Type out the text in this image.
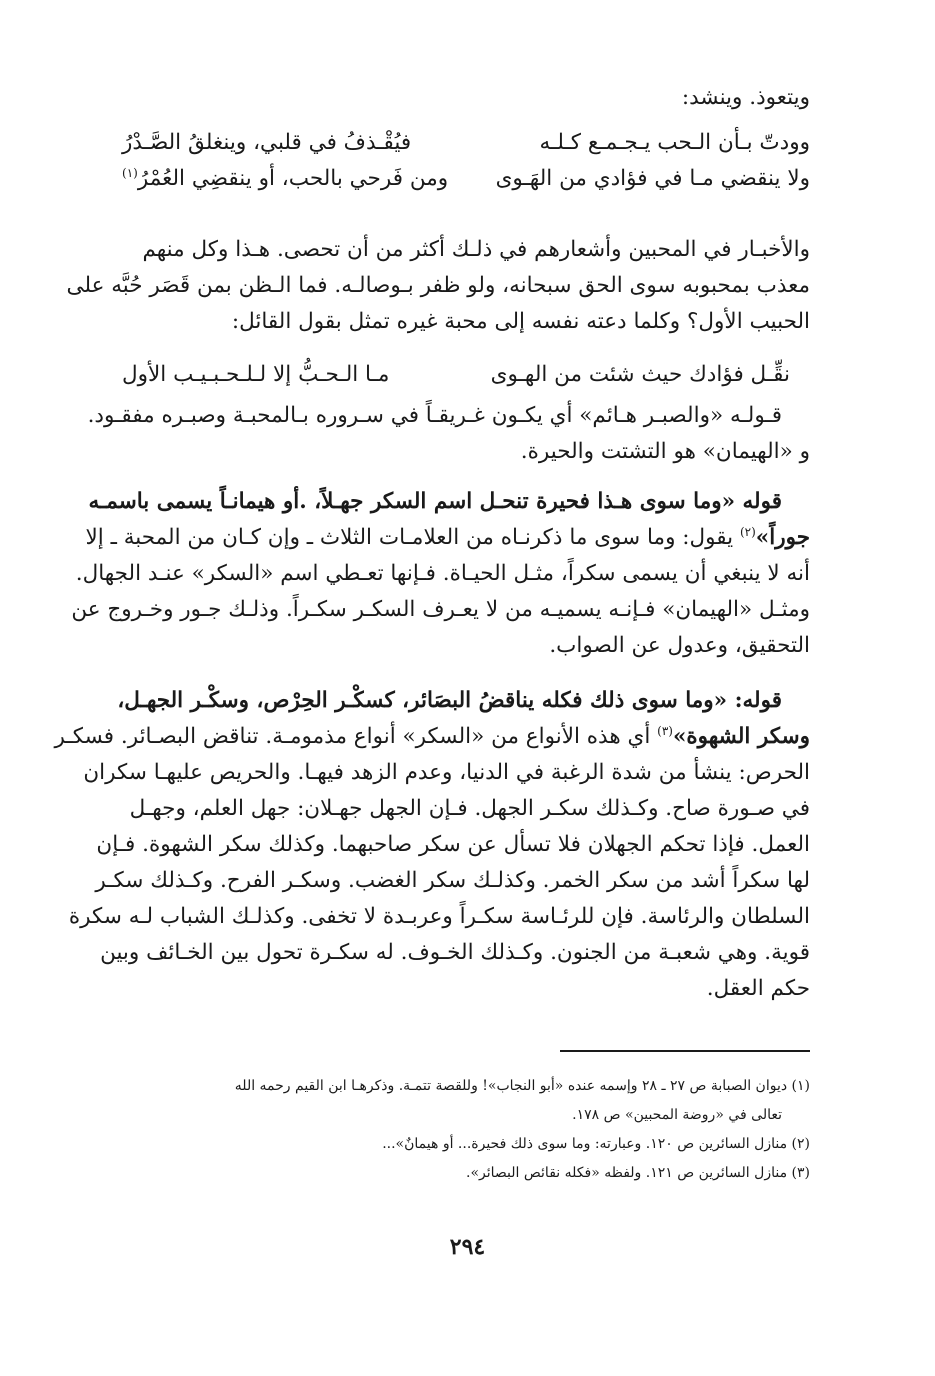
ويتعوذ. وينشد:
وودتّ بـأن الـحب يـجـمـع كـلـه
فيُقْـذفُ في قلبي، وينغلقُ الصَّـدْرُ
ولا ينقضي مـا في فؤادي من الهَـوى
ومن فَرحي بالحب، أو ينقضِي العُمْرُ$^{(١)}$
والأخبـار في المحبين وأشعارهم في ذلـك أكثر من أن تحصى. هـذا وكل منهم
معذب بمحبوبه سوى الحق سبحانه، ولو ظفر بـوصالـه. فما الـظن بمن قَصَر حُبَّه على
الحبيب الأول؟ وكلما دعته نفسه إلى محبة غيره تمثل بقول القائل:
نقِّـل فؤادك حيث شئت من الهـوى
مـا الـحـبُّ إلا لـلـحـبـيـب الأول
قـولـه «والصبـر هـائم» أي يكـون غـريقـاً في سـروره بـالمحبـة وصبـره مفقـود.
و «الهيمان» هو التشتت والحيرة.
قوله «وما سوى هـذا فحيرة تنحـل اسم السكر جهـلاً، .أو هيمانـاً يسمى باسمـه
جوراً»$^{(٢)}$ يقول: وما سوى ما ذكرنـاه من العلامـات الثلاث ـ وإن كـان من المحبة ـ إلا
أنه لا ينبغي أن يسمى سكراً، مثـل الحيـاة. فـإنها تعـطي اسم «السكر» عنـد الجهال.
ومثـل «الهيمان» فـإنـه يسميـه من لا يعـرف السكـر سكـراً. وذلـك جـور وخـروج عن
التحقيق، وعدول عن الصواب.
قوله: «وما سوى ذلك فكله يناقضُ البصَائر، كسكْـر الحِرْص، وسكْـر الجهـل،
وسكر الشهوة»$^{(٣)}$ أي هذه الأنواع من «السكر» أنواع مذمومـة. تناقض البصـائر. فسكـر
الحرص: ينشأ من شدة الرغبة في الدنيا، وعدم الزهد فيهـا. والحريص عليهـا سكران
في صـورة صاح. وكـذلك سكـر الجهل. فـإن الجهل جهـلان: جهل العلم، وجهـل
العمل. فإذا تحكم الجهلان فلا تسأل عن سكر صاحبهما. وكذلك سكر الشهوة. فـإن
لها سكراً أشد من سكر الخمر. وكذلـك سكر الغضب. وسكـر الفرح. وكـذلك سكـر
السلطان والرئاسة. فإن للرئـاسة سكـراً وعربـدة لا تخفى. وكذلـك الشباب لـه سكرة
قوية. وهي شعبـة من الجنون. وكـذلك الخـوف. له سكـرة تحول بين الخـائف وبين
حكم العقل.
(١) ديوان الصبابة ص ٢٧ ـ ٢٨ وإسمه عنده «أبو النجاب»! وللقصة تتمـة. وذكرهـا ابن القيم رحمه الله
تعالى في «روضة المحبين» ص ١٧٨.
(٢) منازل السائرين ص ١٢٠. وعبارته: وما سوى ذلك فحيرة... أو هيمانٌ»...
(٣) منازل السائرين ص ١٢١. ولفظه «فكله نقائص البصائر».
٢٩٤
